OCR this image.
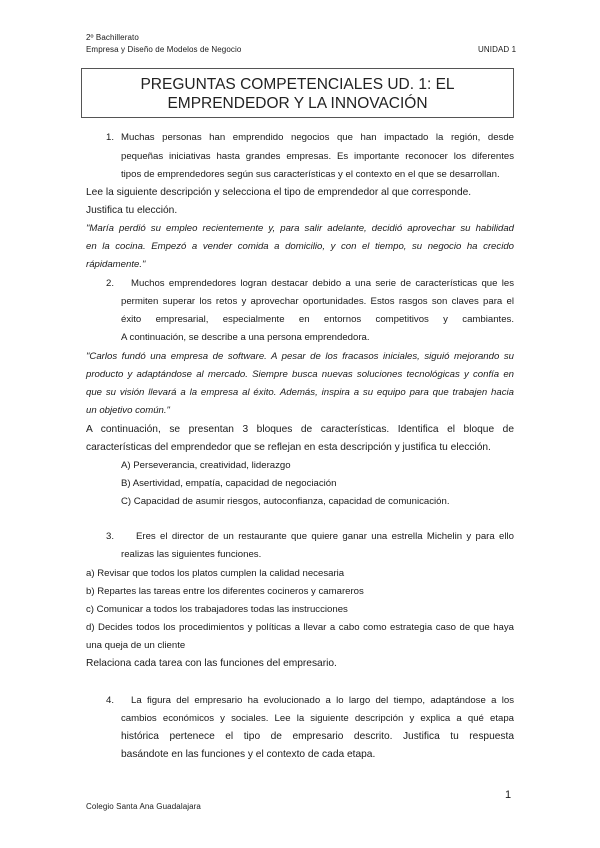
2º Bachillerato
Empresa y Diseño de Modelos de Negocio	UNIDAD 1
PREGUNTAS COMPETENCIALES UD. 1: EL
EMPRENDEDOR Y LA INNOVACIÓN
1. Muchas personas han emprendido negocios que han impactado la región, desde
pequeñas iniciativas hasta grandes empresas. Es importante reconocer los diferentes
tipos de emprendedores según sus características y el contexto en el que se desarrollan.
Lee la siguiente descripción y selecciona el tipo de emprendedor al que corresponde.
Justifica tu elección.
"María perdió su empleo recientemente y, para salir adelante, decidió aprovechar su habilidad
en la cocina. Empezó a vender comida a domicilio, y con el tiempo, su negocio ha crecido
rápidamente."
2. Muchos emprendedores logran destacar debido a una serie de características que les
permiten superar los retos y aprovechar oportunidades. Estos rasgos son claves para el
éxito empresarial, especialmente en entornos competitivos y cambiantes.
A continuación, se describe a una persona emprendedora.
"Carlos fundó una empresa de software. A pesar de los fracasos iniciales, siguió mejorando su
producto y adaptándose al mercado. Siempre busca nuevas soluciones tecnológicas y confía en
que su visión llevará a la empresa al éxito. Además, inspira a su equipo para que trabajen hacia
un objetivo común."
A continuación, se presentan 3 bloques de características. Identifica el bloque de
características del emprendedor que se reflejan en esta descripción y justifica tu elección.
A) Perseverancia, creatividad, liderazgo
B) Asertividad, empatía, capacidad de negociación
C) Capacidad de asumir riesgos, autoconfianza, capacidad de comunicación.
3. Eres el director de un restaurante que quiere ganar una estrella Michelin y para ello
realizas las siguientes funciones.
a) Revisar que todos los platos cumplen la calidad necesaria
b) Repartes las tareas entre los diferentes cocineros y camareros
c) Comunicar a todos los trabajadores todas las instrucciones
d) Decides todos los procedimientos y políticas a llevar a cabo como estrategia caso de que haya
una queja de un cliente
Relaciona cada tarea con las funciones del empresario.
4. La figura del empresario ha evolucionado a lo largo del tiempo, adaptándose a los
cambios económicos y sociales. Lee la siguiente descripción y explica a qué etapa
histórica pertenece el tipo de empresario descrito. Justifica tu respuesta
basándote en las funciones y el contexto de cada etapa.
1
Colegio Santa Ana Guadalajara
